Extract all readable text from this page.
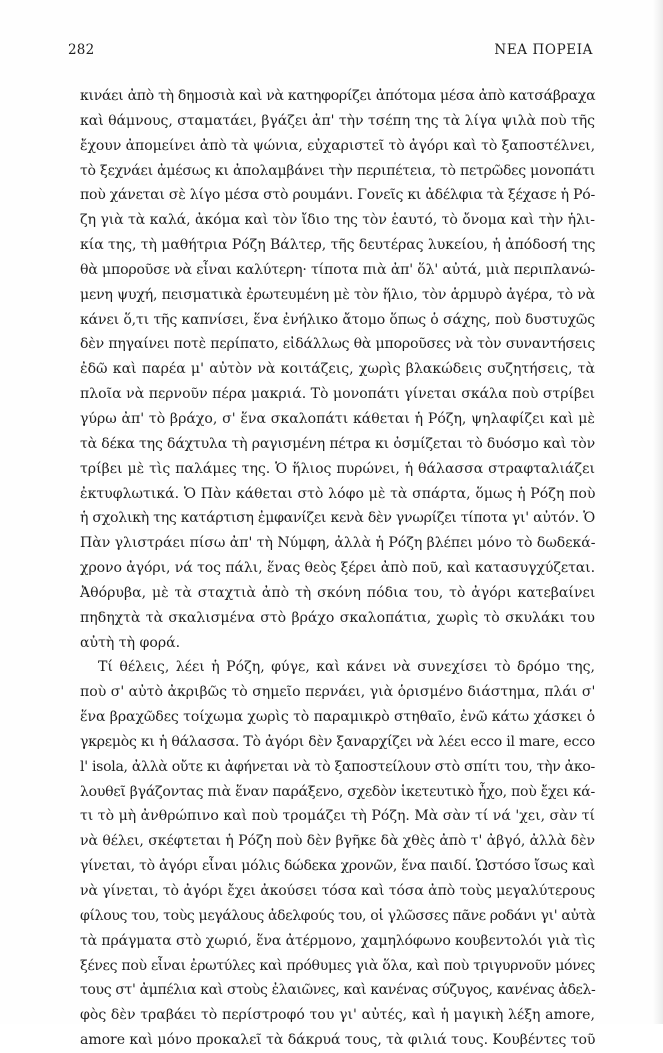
282	ΝΕΑ ΠΟΡΕΙΑ
κινάει ἀπὸ τὴ δημοσιὰ καὶ νὰ κατηφορίζει ἀπότομα μέσα ἀπὸ κατσάβραχα
καὶ θάμνους, σταματάει, βγάζει ἀπ' τὴν τσέπη της τὰ λίγα ψιλὰ ποὺ τῆς
ἔχουν ἀπομείνει ἀπὸ τὰ ψώνια, εὐχαριστεῖ τὸ ἀγόρι καὶ τὸ ξαποστέλνει,
τὸ ξεχνάει ἀμέσως κι ἀπολαμβάνει τὴν περιπέτεια, τὸ πετρῶδες μονοπάτι
ποὺ χάνεται σὲ λίγο μέσα στὸ ρουμάνι. Γονεῖς κι ἀδέλφια τὰ ξέχασε ἡ Ρό-
ζη γιὰ τὰ καλά, ἀκόμα καὶ τὸν ἴδιο της τὸν ἑαυτό, τὸ ὄνομα καὶ τὴν ἡλι-
κία της, τὴ μαθήτρια Ρόζη Βάλτερ, τῆς δευτέρας λυκείου, ἡ ἀπόδοσή της
θὰ μποροῦσε νὰ εἶναι καλύτερη· τίποτα πιὰ ἀπ' ὅλ' αὐτά, μιὰ περιπλανώ-
μενη ψυχή, πεισματικὰ ἐρωτευμένη μὲ τὸν ἥλιο, τὸν ἁρμυρὸ ἀγέρα, τὸ νὰ
κάνει ὅ,τι τῆς καπνίσει, ἕνα ἐνήλικο ἄτομο ὅπως ὁ σάχης, ποὺ δυστυχῶς
δὲν πηγαίνει ποτὲ περίπατο, εἰδάλλως θὰ μποροῦσες νὰ τὸν συναντήσεις
ἐδῶ καὶ παρέα μ' αὐτὸν νὰ κοιτάζεις, χωρὶς βλακώδεις συζητήσεις, τὰ
πλοῖα νὰ περνοῦν πέρα μακριά. Τὸ μονοπάτι γίνεται σκάλα ποὺ στρίβει
γύρω ἀπ' τὸ βράχο, σ' ἕνα σκαλοπάτι κάθεται ἡ Ρόζη, ψηλαφίζει καὶ μὲ
τὰ δέκα της δάχτυλα τὴ ραγισμένη πέτρα κι ὀσμίζεται τὸ δυόσμο καὶ τὸν
τρίβει μὲ τὶς παλάμες της. Ὁ ἥλιος πυρώνει, ἡ θάλασσα στραφταλιάζει
ἐκτυφλωτικά. Ὁ Πὰν κάθεται στὸ λόφο μὲ τὰ σπάρτα, ὅμως ἡ Ρόζη ποὺ
ἡ σχολικὴ της κατάρτιση ἐμφανίζει κενὰ δὲν γνωρίζει τίποτα γι' αὐτόν. Ὁ
Πὰν γλιστράει πίσω ἀπ' τὴ Νύμφη, ἀλλὰ ἡ Ρόζη βλέπει μόνο τὸ δωδεκά-
χρονο ἀγόρι, νά τος πάλι, ἕνας θεὸς ξέρει ἀπὸ ποῦ, καὶ κατασυγχύζεται.
Ἀθόρυβα, μὲ τὰ σταχτιὰ ἀπὸ τὴ σκόνη πόδια του, τὸ ἀγόρι κατεβαίνει
πηδηχτὰ τὰ σκαλισμένα στὸ βράχο σκαλοπάτια, χωρὶς τὸ σκυλάκι του
αὐτὴ τὴ φορά.
Τί θέλεις, λέει ἡ Ρόζη, φύγε, καὶ κάνει νὰ συνεχίσει τὸ δρόμο της,
ποὺ σ' αὐτὸ ἀκριβῶς τὸ σημεῖο περνάει, γιὰ ὁρισμένο διάστημα, πλάι σ'
ἕνα βραχῶδες τοίχωμα χωρὶς τὸ παραμικρὸ στηθαῖο, ἐνῶ κάτω χάσκει ὁ
γκρεμὸς κι ἡ θάλασσα. Τὸ ἀγόρι δὲν ξαναρχίζει νὰ λέει ecco il mare, ecco
l' isola, ἀλλὰ οὔτε κι ἀφήνεται νὰ τὸ ξαποστείλουν στὸ σπίτι του, τὴν ἀκο-
λουθεῖ βγάζοντας πιὰ ἕναν παράξενο, σχεδὸν ἱκετευτικὸ ἦχο, ποὺ ἔχει κά-
τι τὸ μὴ ἀνθρώπινο καὶ ποὺ τρομάζει τὴ Ρόζη. Μὰ σὰν τί νά 'χει, σὰν τί
νὰ θέλει, σκέφτεται ἡ Ρόζη ποὺ δὲν βγῆκε δὰ χθὲς ἀπὸ τ' ἀβγό, ἀλλὰ δὲν
γίνεται, τὸ ἀγόρι εἶναι μόλις δώδεκα χρονῶν, ἕνα παιδί. Ὡστόσο ἴσως καὶ
νὰ γίνεται, τὸ ἀγόρι ἔχει ἀκούσει τόσα καὶ τόσα ἀπὸ τοὺς μεγαλύτερους
φίλους του, τοὺς μεγάλους ἀδελφούς του, οἱ γλῶσσες πᾶνε ροδάνι γι' αὐτὰ
τὰ πράγματα στὸ χωριό, ἕνα ἀτέρμονο, χαμηλόφωνο κουβεντολόι γιὰ τὶς
ξένες ποὺ εἶναι ἐρωτύλες καὶ πρόθυμες γιὰ ὅλα, καὶ ποὺ τριγυρνοῦν μόνες
τους στ' ἀμπέλια καὶ στοὺς ἐλαιῶνες, καὶ κανένας σύζυγος, κανένας ἀδελ-
φὸς δὲν τραβάει τὸ περίστροφό του γι' αὐτές, καὶ ἡ μαγικὴ λέξη amore,
amore καὶ μόνο προκαλεῖ τὰ δάκρυά τους, τὰ φιλιά τους. Κουβέντες τοῦ
